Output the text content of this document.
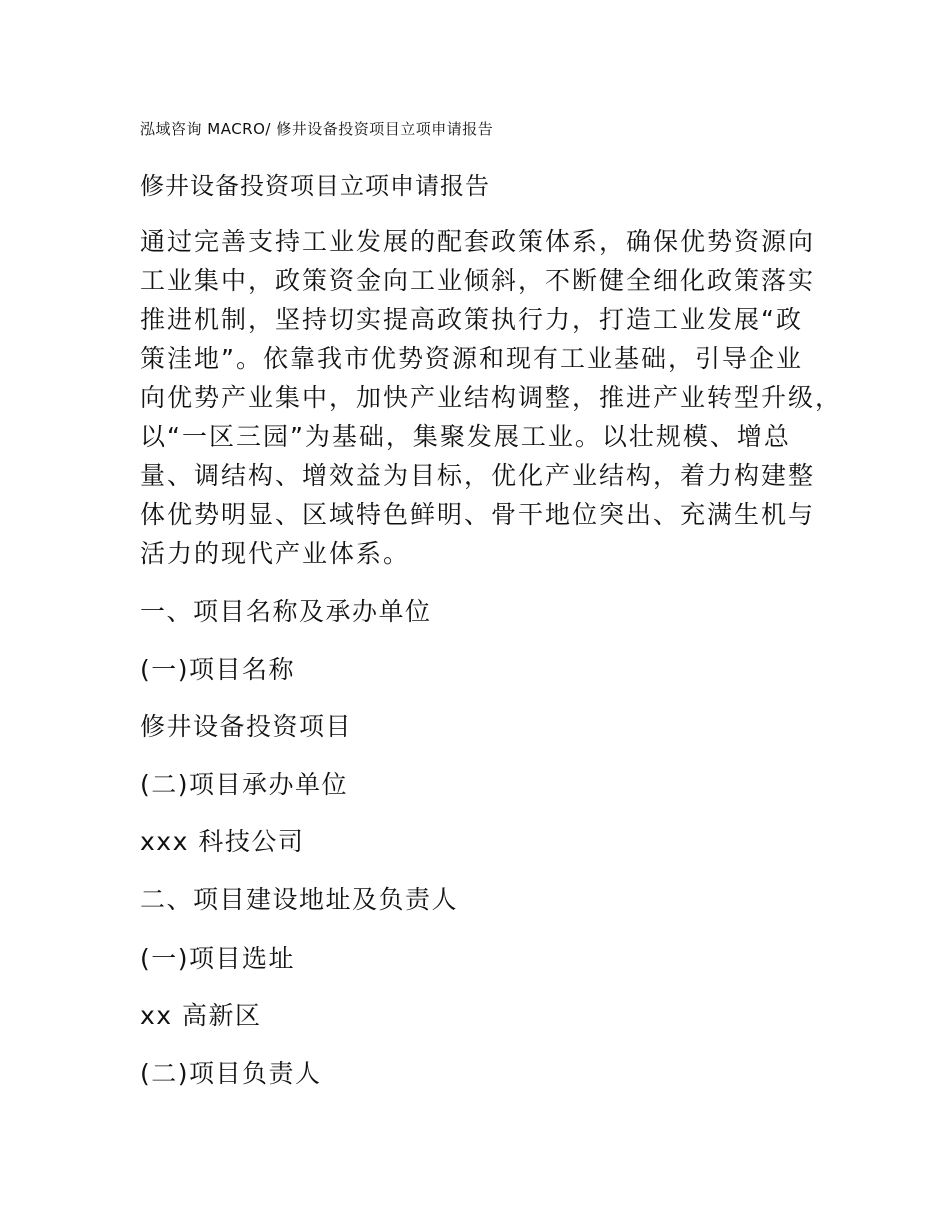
泓域咨询 MACRO/ 修井设备投资项目立项申请报告
修井设备投资项目立项申请报告
通过完善支持工业发展的配套政策体系，确保优势资源向
工业集中，政策资金向工业倾斜，不断健全细化政策落实
推进机制，坚持切实提高政策执行力，打造工业发展“政
策洼地”。依靠我市优势资源和现有工业基础，引导企业
向优势产业集中，加快产业结构调整，推进产业转型升级，
以“一区三园”为基础，集聚发展工业。以壮规模、增总
量、调结构、增效益为目标，优化产业结构，着力构建整
体优势明显、区域特色鲜明、骨干地位突出、充满生机与
活力的现代产业体系。
一、项目名称及承办单位
(一)项目名称
修井设备投资项目
(二)项目承办单位
xxx 科技公司
二、项目建设地址及负责人
(一)项目选址
xx 高新区
(二)项目负责人
